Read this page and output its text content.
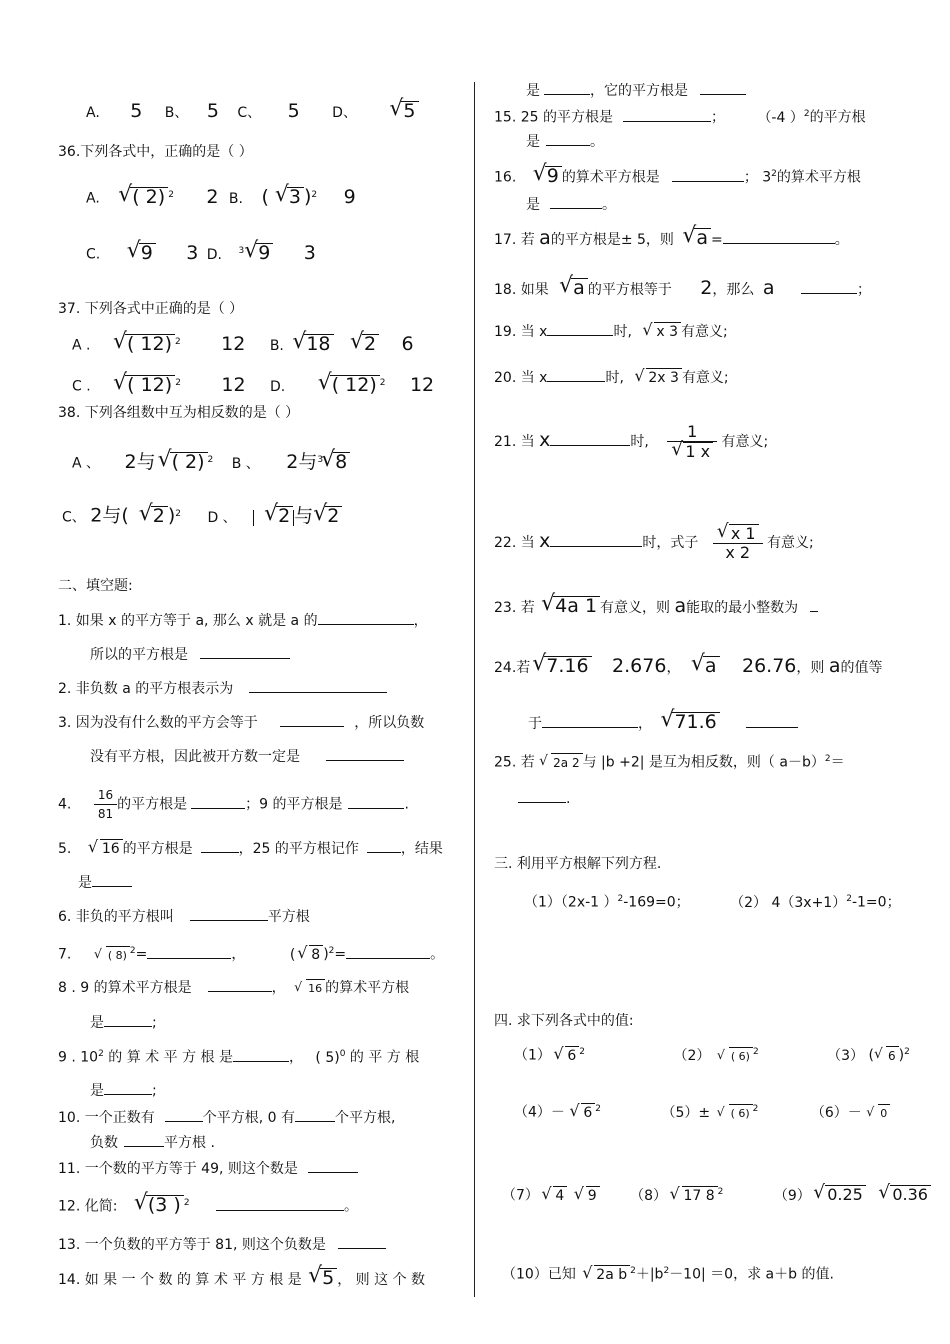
A. 5 B、 5 C、 5 D、 √ 5
36.下列各式中，正确的是（ ）
A. √ ( 2) $^2$ 2 B. ( √ 3 )$^2$ 9
C. √ 9 3 D. $^3$ √ 9 3
37. 下列各式中正确的是（ ）
A . √ ( 12) $^2$ 12 B. √ 18 √ 2 6
C . √ ( 12) $^2$ 12 D. √ ( 12) $^2$ 12
38. 下列各组数中互为相反数的是（ ）
A 、 2与 √ ( 2) $^2$ B 、 2与$^3$ √ 8
C、 2与( √ 2 )$^2$ D 、 √ 2 与 √ 2
二、填空题:
1. 如果 x 的平方等于 a, 那么 x 就是 a 的	，
所以的平方根是
2. 非负数 a 的平方根表示为
3. 因为没有什么数的平方会等于	，所以负数
没有平方根，因此被开方数一定是
4. $\frac{16}{81}$ 的平方根是	；9 的平方根是	.
5. √ 16 的平方根是	，25 的平方根记作	，结果
是
6. 非负的平方根叫	平方根
7.	√ ( 8) $^2$=	，	( √ 8 )$^2$=	。
8 . 9 的算术平方根是	， √ 16 的算术平方根
是	;
9 . $10^2$ 的 算 术 平 方 根 是	， ( 5)$^0$ 的 平 方 根
是	;
10. 一个正数有	个平方根, 0 有	个平方根,
负数	平方根 .
11. 一个数的平方等于 49, 则这个数是
12. 化简: √ (3 ) $^2$	。
13. 一个负数的平方等于 81, 则这个负数是
14. 如 果 一 个 数 的 算 术 平 方 根 是 √ 5 ， 则 这 个 数
是	，它的平方根是
15. 25 的平方根是	； （-4 ）$^2$的平方根
是	。
16. √ 9 的算术平方根是	； $3^2$的算术平方根
是	。
17. 若 a的平方根是± 5，则 √ a =	。
18. 如果 √ a 的平方根等于 2，那么 a	；
19. 当 x	时, √ x 3 有意义;
20. 当 x	时, √ 2x 3 有意义;
21. 当 x	时, 1
√ 1 x 有意义;
22. 当 x	时，式子 √ $\frac{x 1}{x 2}$ 有意义;
23. 若 √ 4a 1 有意义，则 a能取的最小整数为
24.若 √ 7.16 2.676， √ a 26.76，则 a的值等
于	， √ 71.6
25. 若 √ 2a 2 与 |b +2| 是互为相反数，则（ a－b）$^2$＝
.
三. 利用平方根解下列方程.
（1）（2x-1 ）$^2$-169=0；	（2） $4(3x+1)^2-1=0$；
四. 求下列各式中的值:
（1） √ 6 $^2$	（2） √ ( 6) $^2$	（3） ( √ 6 )$^2$
（4）－ √ 6 $^2$	（5）± √ ( 6) $^2$	（6）－ √ 0
（7） √ 4 √ 9 （8） √ 17 8 $^2$	（9） √ 0.25 √ 0.36
（10）已知 √ 2a b $^2+|b^2-10| =0$，求 a＋b 的值.
